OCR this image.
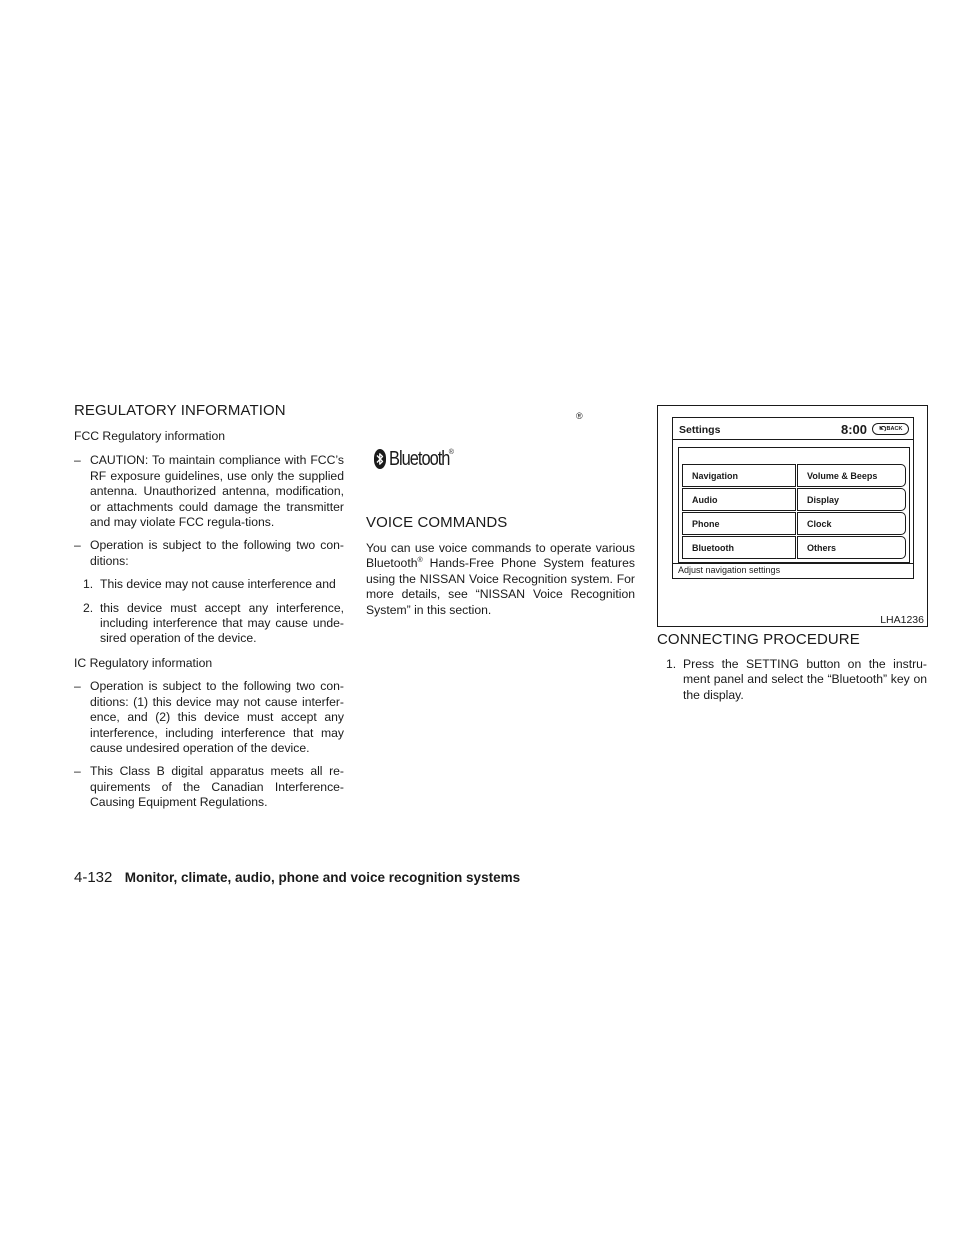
REGULATORY INFORMATION

FCC Regulatory information

– CAUTION: To maintain compliance with FCC’s RF exposure guidelines, use only the supplied antenna. Unauthorized antenna, modification, or attachments could damage the transmitter and may violate FCC regula-tions.
– Operation is subject to the following two con-ditions:
1. This device may not cause interference and
2. this device must accept any interference, including interference that may cause unde-sired operation of the device.

IC Regulatory information

– Operation is subject to the following two con-ditions: (1) this device may not cause interfer-ence, and (2) this device must accept any interference, including interference that may cause undesired operation of the device.
– This Class B digital apparatus meets all re-quirements of the Canadian Interference-Causing Equipment Regulations.
®
Bluetooth ®
VOICE COMMANDS

You can use voice commands to operate various Bluetooth® Hands-Free Phone System features using the NISSAN Voice Recognition system. For more details, see “NISSAN Voice Recognition System” in this section.

Settings	8:00	BACK
Navigation
Audio
Phone
Bluetooth
Volume & Beeps
Display
Clock
Others
Adjust navigation settings
LHA1236
CONNECTING PROCEDURE
1. Press the SETTING button on the instru-ment panel and select the “Bluetooth” key on the display.
4-132 Monitor, climate, audio, phone and voice recognition systems
